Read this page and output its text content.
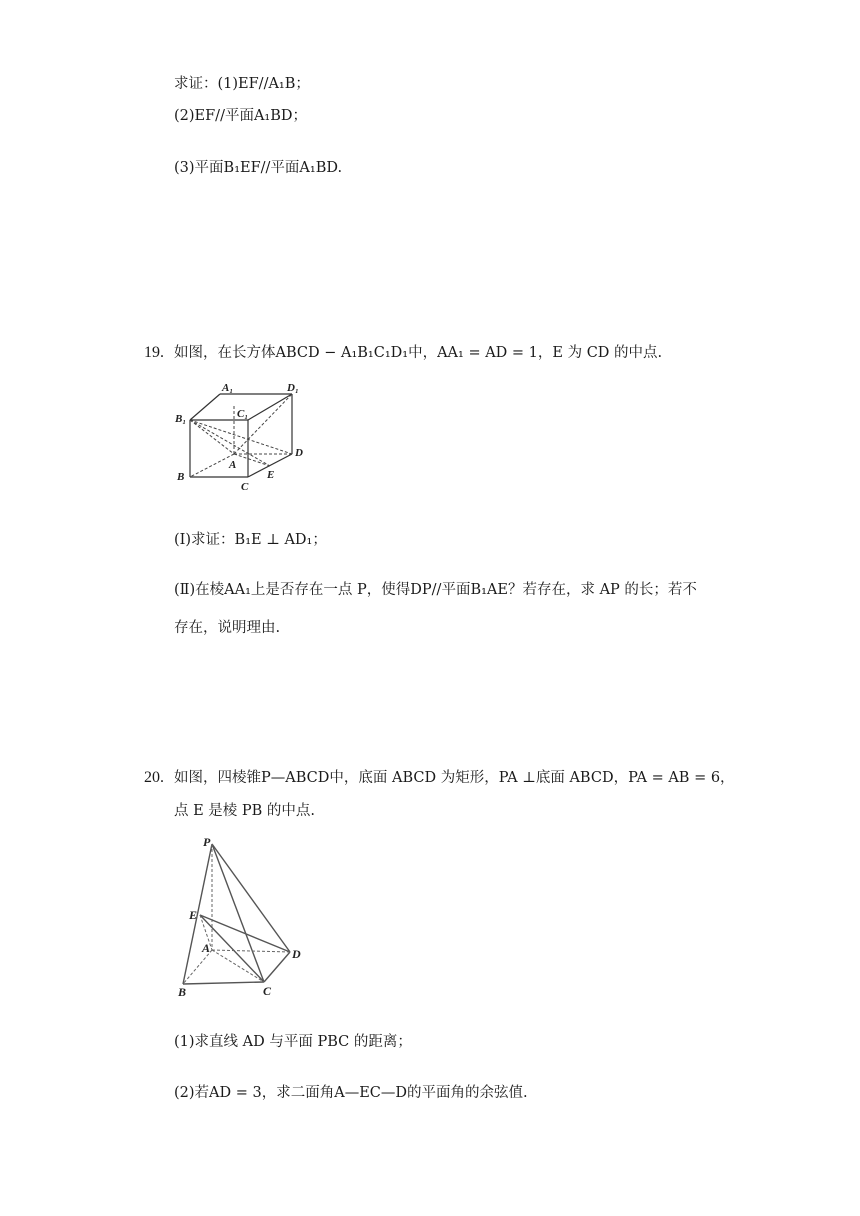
求证：(1)EF//A₁B；
(2)EF//平面A₁BD；
(3)平面B₁EF//平面A₁BD.
19. 如图，在长方体ABCD − A₁B₁C₁D₁中，AA₁ = AD = 1，E 为 CD 的中点.
A₁	D₁
C₁
B₁
D
A
B	E
C
(Ⅰ)求证：B₁E ⊥ AD₁；
(Ⅱ)在棱AA₁上是否存在一点 P，使得DP//平面B₁AE？若存在，求 AP 的长；若不
存在，说明理由.
20. 如图，四棱锥P—ABCD中，底面 ABCD 为矩形，PA ⊥底面 ABCD，PA = AB = 6，
点 E 是棱 PB 的中点.
P
E
A	D
B	C
(1)求直线 AD 与平面 PBC 的距离；
(2)若AD = 3，求二面角A—EC—D的平面角的余弦值.
